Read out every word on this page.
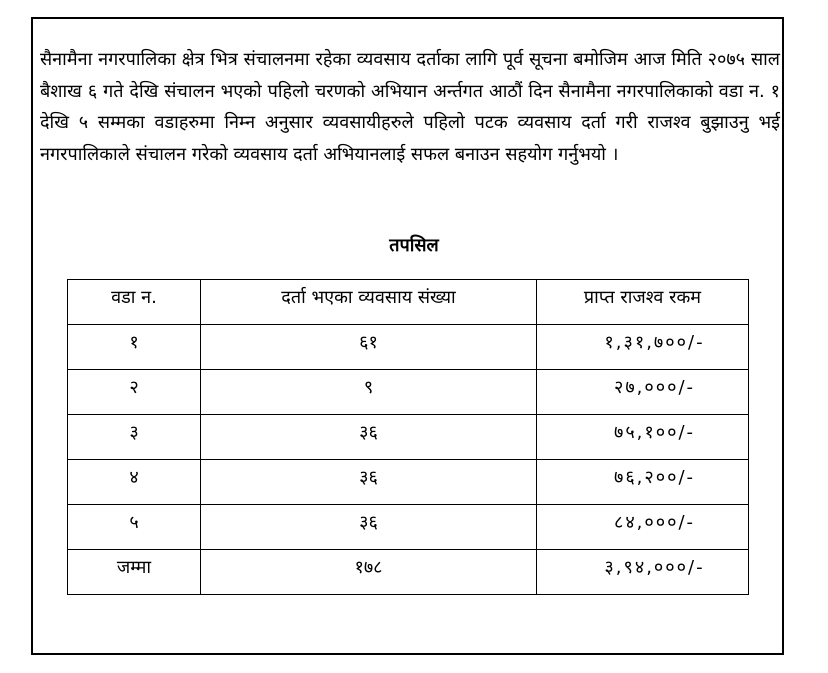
सैनामैना नगरपालिका क्षेत्र भित्र संचालनमा रहेका व्यवसाय दर्ताका लागि पूर्व सूचना बमोजिम आज मिति २०७५ साल बैशाख ६ गते देखि संचालन भएको पहिलो चरणको अभियान अर्न्तगत आठौं दिन सैनामैना नगरपालिकाको वडा न. १ देखि ५ सम्मका वडाहरुमा निम्न अनुसार व्यवसायीहरुले पहिलो पटक व्यवसाय दर्ता गरी राजश्व बुझाउनु भई नगरपालिकाले संचालन गरेको व्यवसाय दर्ता अभियानलाई सफल बनाउन सहयोग गर्नुभयो ।

तपसिल
वडा न.	दर्ता भएका व्यवसाय संख्या	प्राप्त राजश्व रकम
१	६१	१,३१,७००/-
२	९	२७,०००/-
३	३६	७५,१००/-
४	३६	७६,२००/-
५	३६	८४,०००/-
जम्मा	१७८	३,९४,०००/-
